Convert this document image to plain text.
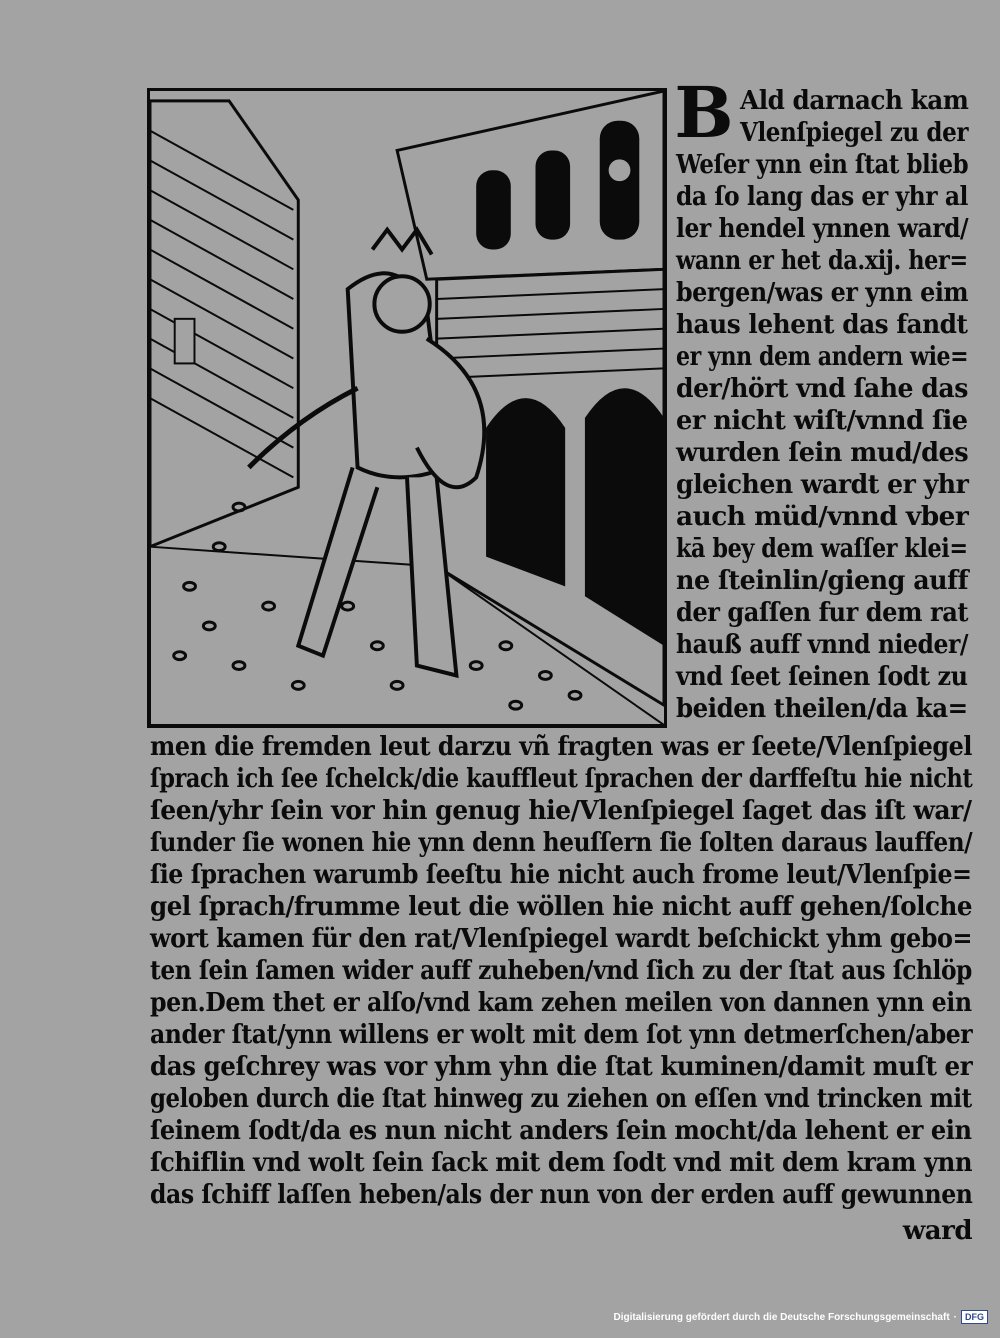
B Ald darnach kam
Vlenſpiegel zu der
Weſer ynn ein ſtat blieb
da ſo lang das er yhr al
ler hendel ynnen ward/
wann er het da.xij. her=
bergen/was er ynn eim
haus lehent das fandt
er ynn dem andern wie=
der/hört vnd ſahe das
er nicht wiſt/vnnd ſie
wurden ſein mud/des
gleichen wardt er yhr
auch müd/vnnd vber
kā bey dem waſſer klei=
ne ſteinlin/gieng auff
der gaſſen fur dem rat
hauß auff vnnd nieder/
vnd ſeet ſeinen ſodt zu
beiden theilen/da ka=
men die fremden leut darzu vñ fragten was er ſeete/Vlenſpiegel
ſprach ich ſee ſchelck/die kauffleut ſprachen der darffeſtu hie nicht
ſeen/yhr ſein vor hin genug hie/Vlenſpiegel ſaget das iſt war/
ſunder ſie wonen hie ynn denn heuſſern ſie ſolten daraus lauffen/
ſie ſprachen warumb ſeeſtu hie nicht auch frome leut/Vlenſpie=
gel ſprach/frumme leut die wöllen hie nicht auff gehen/ſolche
wort kamen für den rat/Vlenſpiegel wardt beſchickt yhm gebo=
ten ſein ſamen wider auff zuheben/vnd ſich zu der ſtat aus ſchlöp
pen.Dem thet er alſo/vnd kam zehen meilen von dannen ynn ein
ander ſtat/ynn willens er wolt mit dem ſot ynn detmerſchen/aber
das geſchrey was vor yhm yhn die ſtat kuminen/damit muſt er
geloben durch die ſtat hinweg zu ziehen on eſſen vnd trincken mit
ſeinem ſodt/da es nun nicht anders ſein mocht/da lehent er ein
ſchiflin vnd wolt ſein ſack mit dem ſodt vnd mit dem kram ynn
das ſchiff laſſen heben/als der nun von der erden auff gewunnen
ward
Digitalisierung gefördert durch die Deutsche Forschungsgemeinschaft · DFG
